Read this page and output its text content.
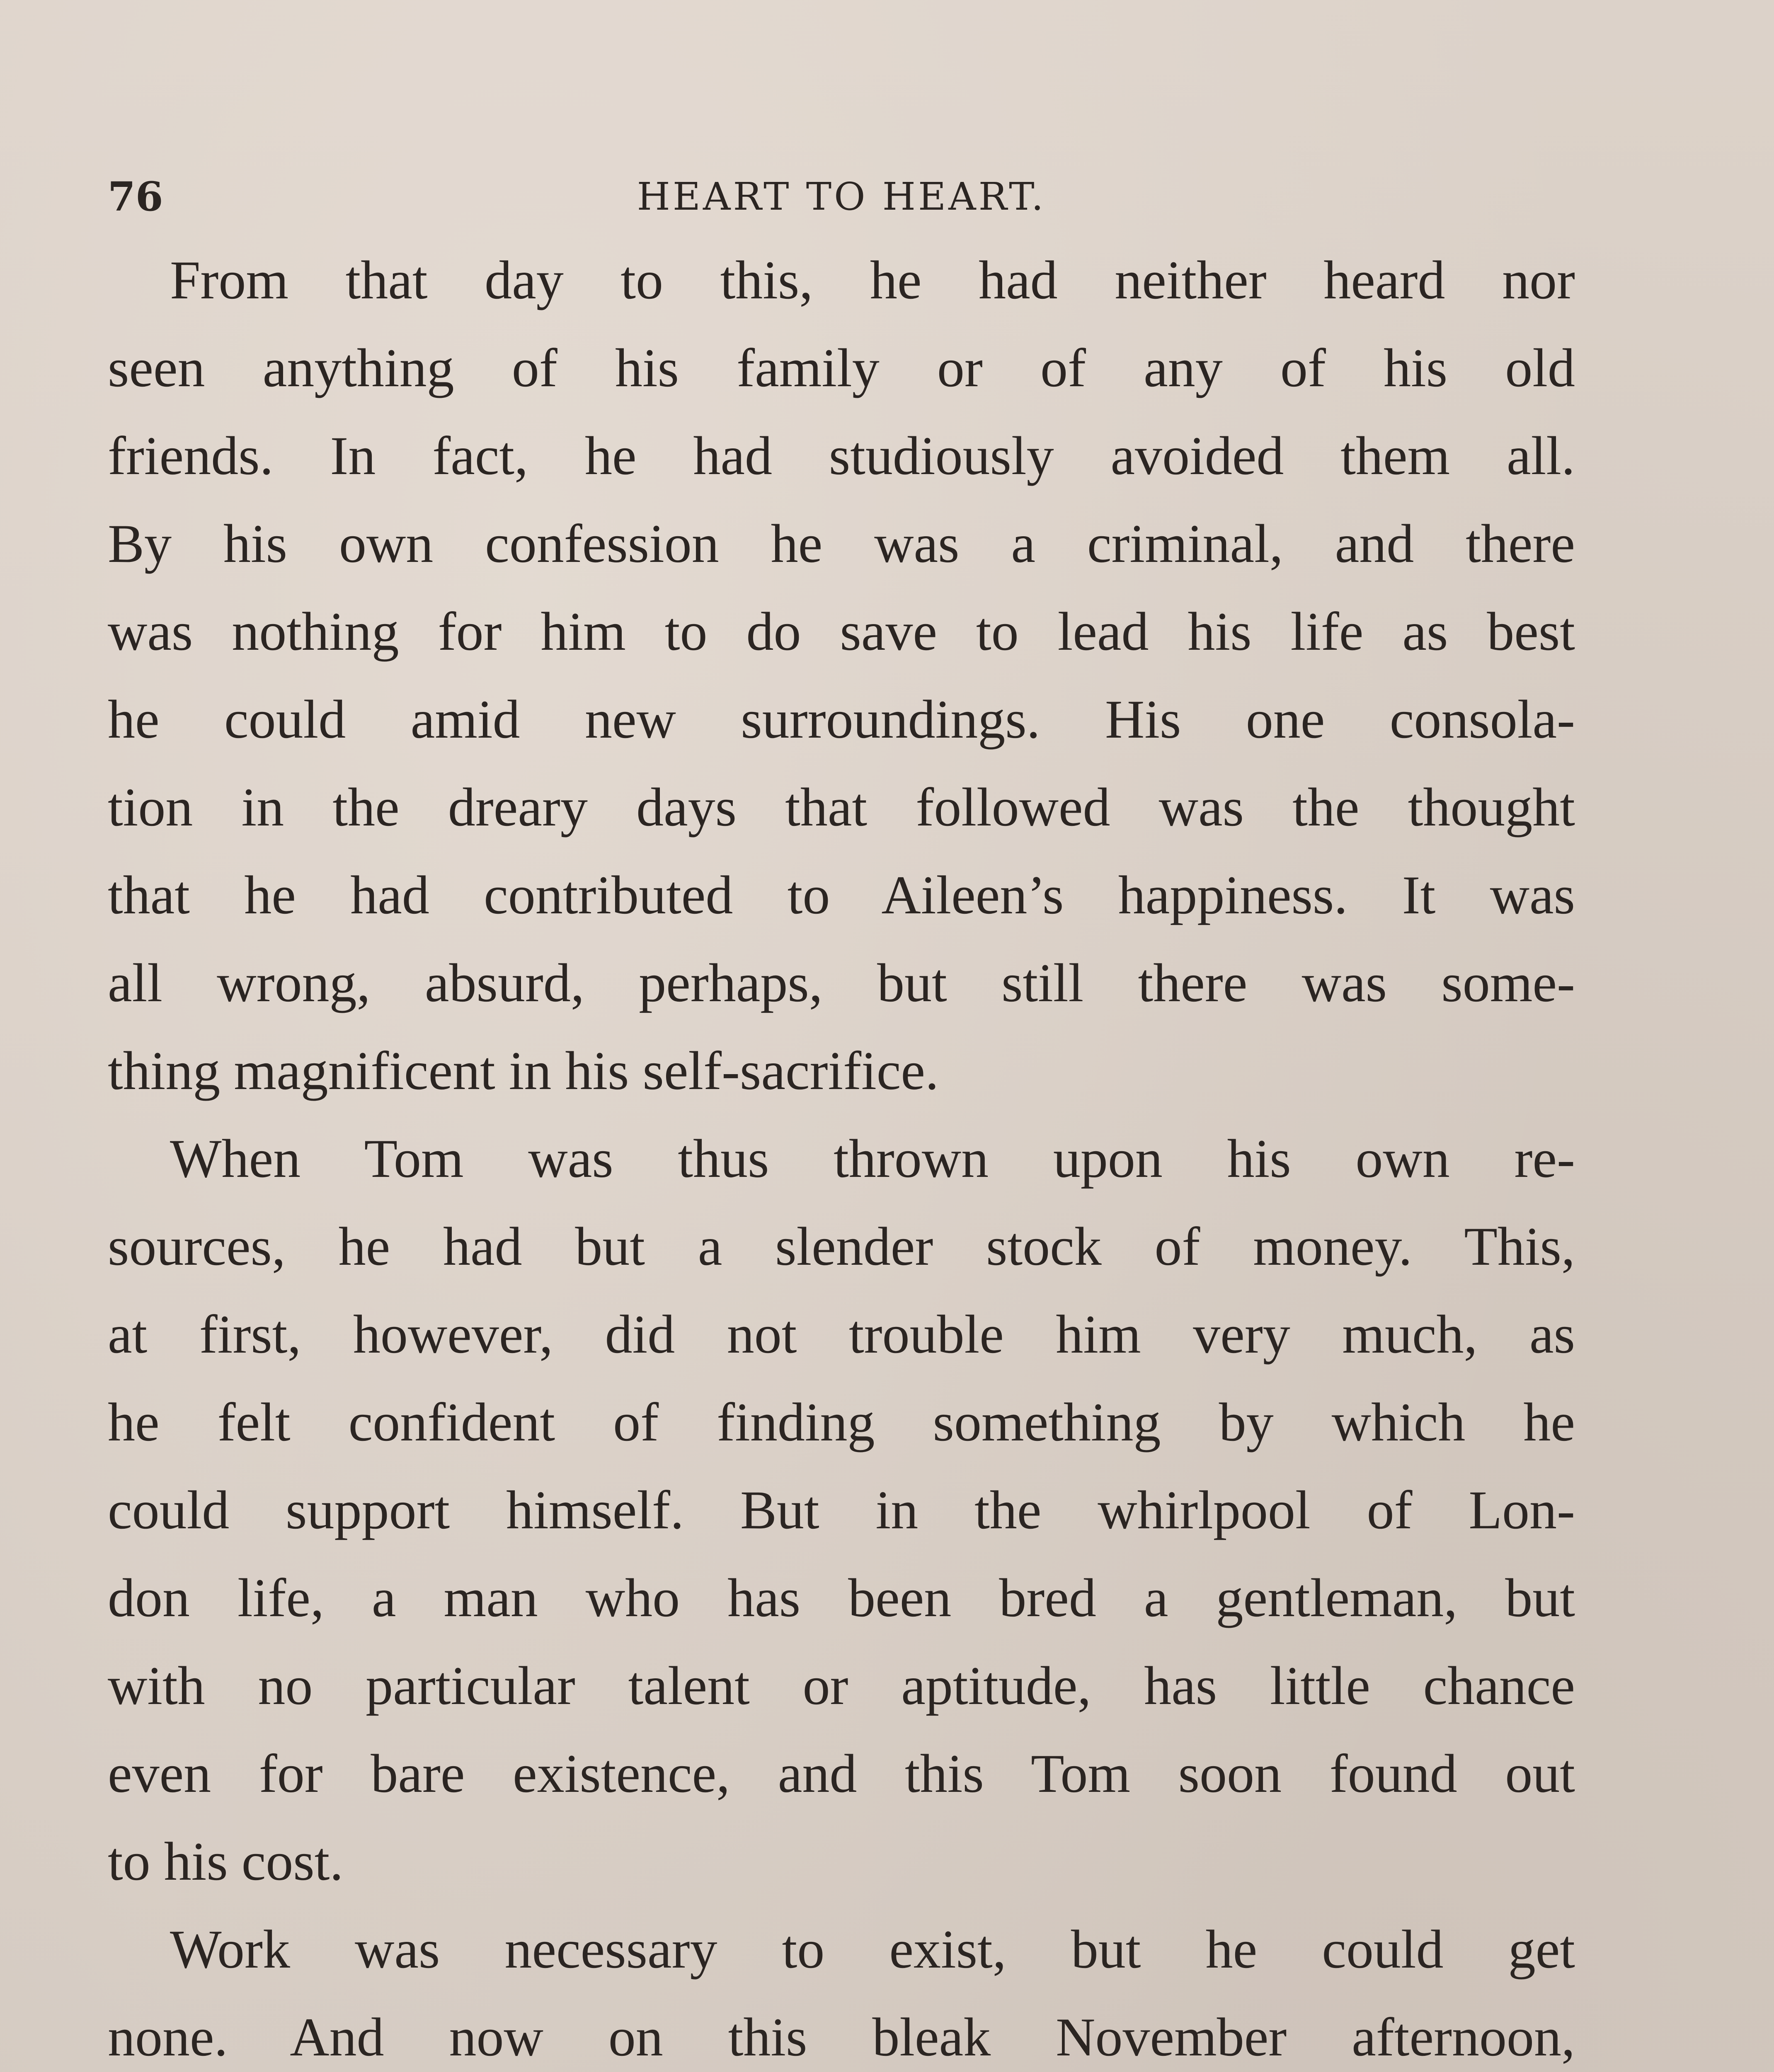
76	HEART TO HEART.
From that day to this, he had neither heard nor
seen anything of his family or of any of his old
friends. In fact, he had studiously avoided them all.
By his own confession he was a criminal, and there
was nothing for him to do save to lead his life as best
he could amid new surroundings. His one consola-
tion in the dreary days that followed was the thought
that he had contributed to Aileen’s happiness. It was
all wrong, absurd, perhaps, but still there was some-
thing magnificent in his self-sacrifice.
When Tom was thus thrown upon his own re-
sources, he had but a slender stock of money. This,
at first, however, did not trouble him very much, as
he felt confident of finding something by which he
could support himself. But in the whirlpool of Lon-
don life, a man who has been bred a gentleman, but
with no particular talent or aptitude, has little chance
even for bare existence, and this Tom soon found out
to his cost.
Work was necessary to exist, but he could get
none. And now on this bleak November afternoon,
